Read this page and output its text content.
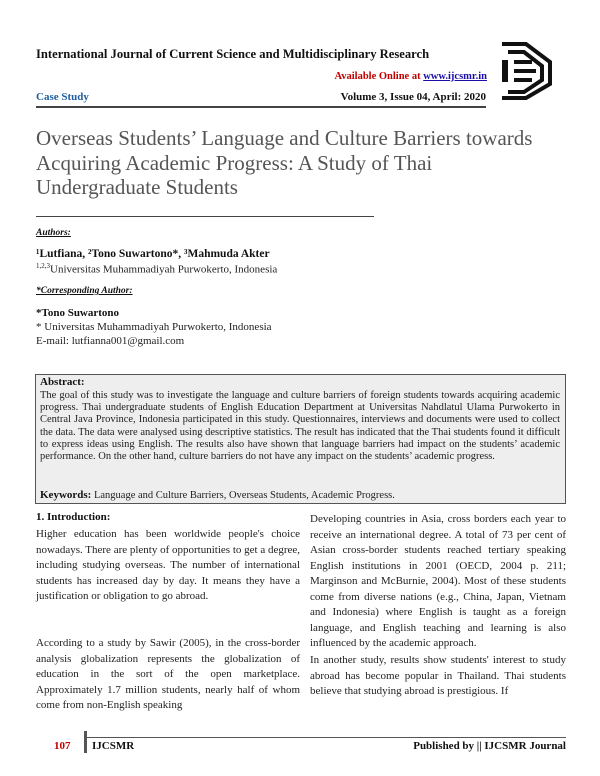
International Journal of Current Science and Multidisciplinary Research
Available Online at www.ijcsmr.in
Case Study	Volume 3, Issue 04, April: 2020
Overseas Students’ Language and Culture Barriers towards Acquiring Academic Progress: A Study of Thai Undergraduate Students
Authors:
¹Lutfiana, ²Tono Suwartono*, ³Mahmuda Akter
$^{1,2,3}$Universitas Muhammadiyah Purwokerto, Indonesia
*Corresponding Author:
*Tono Suwartono
* Universitas Muhammadiyah Purwokerto, Indonesia
E-mail: lutfianna001@gmail.com
Abstract:
The goal of this study was to investigate the language and culture barriers of foreign students towards acquiring academic progress. Thai undergraduate students of English Education Department at Universitas Nahdlatul Ulama Purwokerto in Central Java Province, Indonesia participated in this study. Questionnaires, interviews and documents were used to collect the data. The data were analysed using descriptive statistics. The result has indicated that the Thai students found it difficult to express ideas using English. The results also have shown that language barriers had impact on the students’ academic performance. On the other hand, culture barriers do not have any impact on the students’ academic progress.
Keywords: Language and Culture Barriers, Overseas Students, Academic Progress.
1. Introduction:
Higher education has been worldwide people's choice nowadays. There are plenty of opportunities to get a degree, including studying overseas. The number of international students has increased day by day. It means they have a justification or obligation to go abroad.
According to a study by Sawir (2005), in the cross-border analysis globalization represents the globalization of education in the sort of the open marketplace. Approximately 1.7 million students, nearly half of whom come from non-English speaking
Developing countries in Asia, cross borders each year to receive an international degree. A total of 73 per cent of Asian cross-border students reached tertiary speaking English institutions in 2001 (OECD, 2004 p. 211; Marginson and McBurnie, 2004). Most of these students come from diverse nations (e.g., China, Japan, Vietnam and Indonesia) where English is taught as a foreign language, and English teaching and learning is also influenced by the academic approach.
In another study, results show students' interest to study abroad has become popular in Thailand. Thai students believe that studying abroad is prestigious. If
107 IJCSMR	Published by || IJCSMR Journal
